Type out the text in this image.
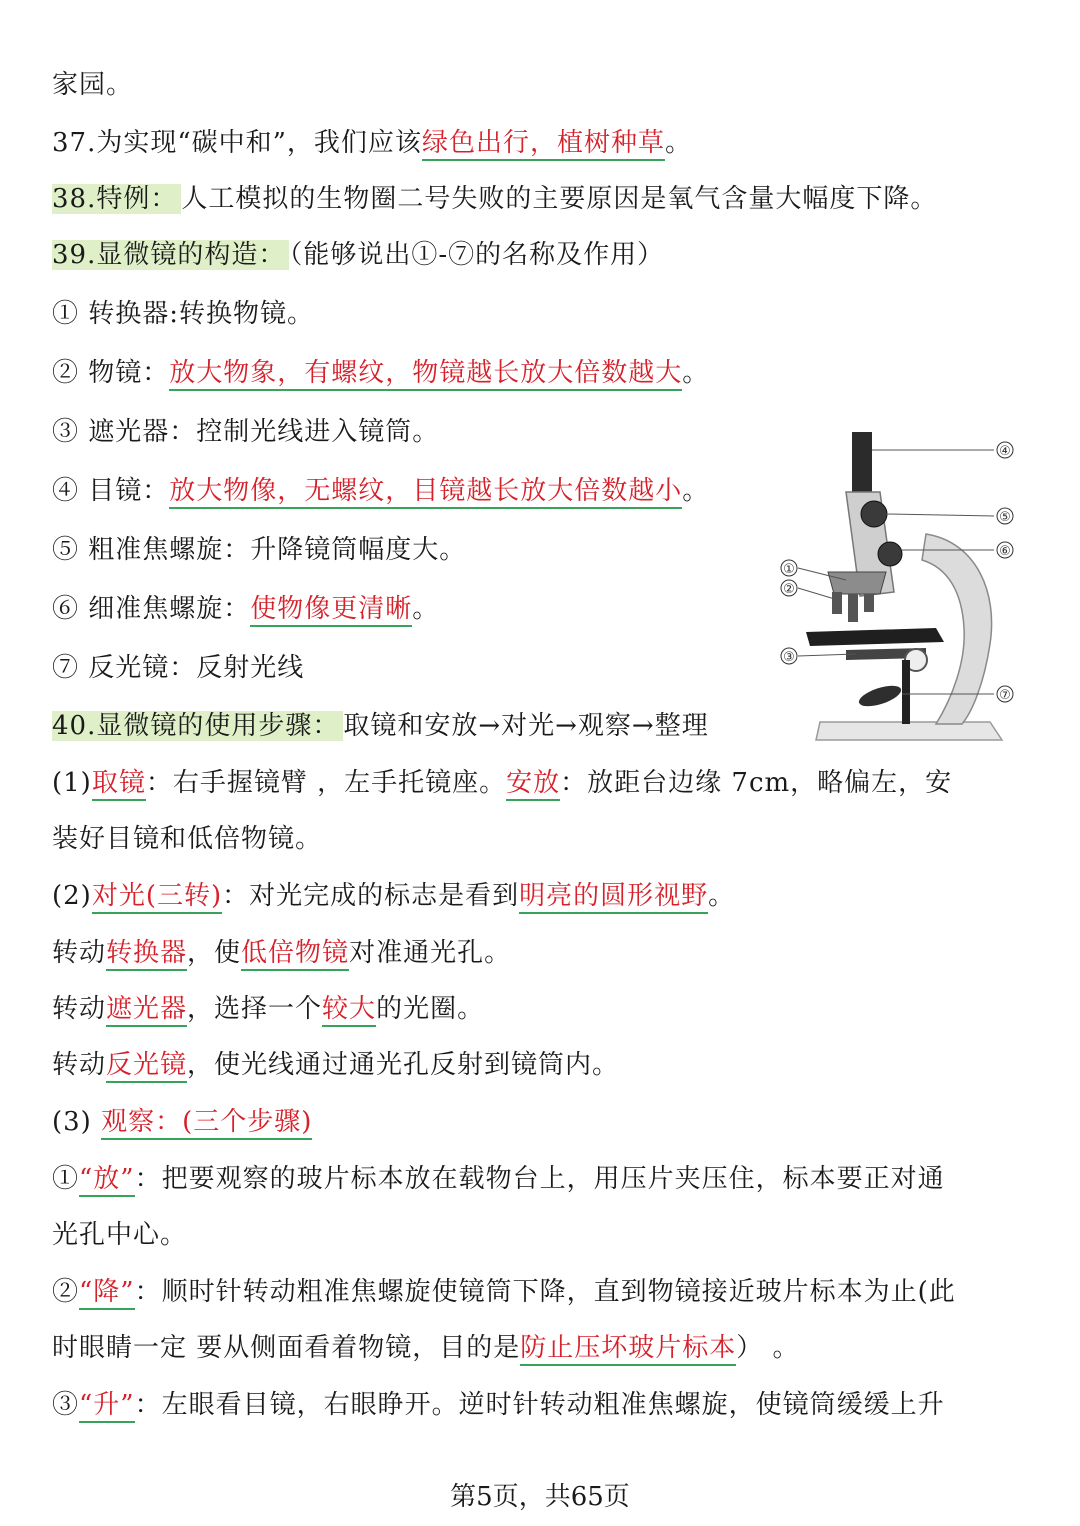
家园。
37.为实现“碳中和”，我们应该绿色出行，植树种草。
38.特例： 人工模拟的生物圈二号失败的主要原因是氧气含量大幅度下降。
39.显微镜的构造： （能够说出①-⑦的名称及作用）
① 转换器:转换物镜。
② 物镜：放大物象，有螺纹，物镜越长放大倍数越大。
③ 遮光器：控制光线进入镜筒。
④ 目镜：放大物像，无螺纹，目镜越长放大倍数越小。
⑤ 粗准焦螺旋：升降镜筒幅度大。
⑥ 细准焦螺旋：使物像更清晰。
⑦ 反光镜：反射光线
40.显微镜的使用步骤： 取镜和安放→对光→观察→整理
(1)取镜：右手握镜臂 ，左手托镜座。安放：放距台边缘 7cm，略偏左，安
装好目镜和低倍物镜。
(2)对光(三转)：对光完成的标志是看到明亮的圆形视野。
转动转换器，使低倍物镜对准通光孔。
转动遮光器，选择一个较大的光圈。
转动反光镜，使光线通过通光孔反射到镜筒内。
(3) 观察：(三个步骤)
①“放”：把要观察的玻片标本放在载物台上，用压片夹压住，标本要正对通
光孔中心。
②“降”：顺时针转动粗准焦螺旋使镜筒下降，直到物镜接近玻片标本为止(此
时眼睛一定 要从侧面看着物镜，目的是防止压坏玻片标本） 。
③“升”：左眼看目镜，右眼睁开。逆时针转动粗准焦螺旋，使镜筒缓缓上升
④
⑤
⑥
①
②
③
⑦
第5页，共65页
